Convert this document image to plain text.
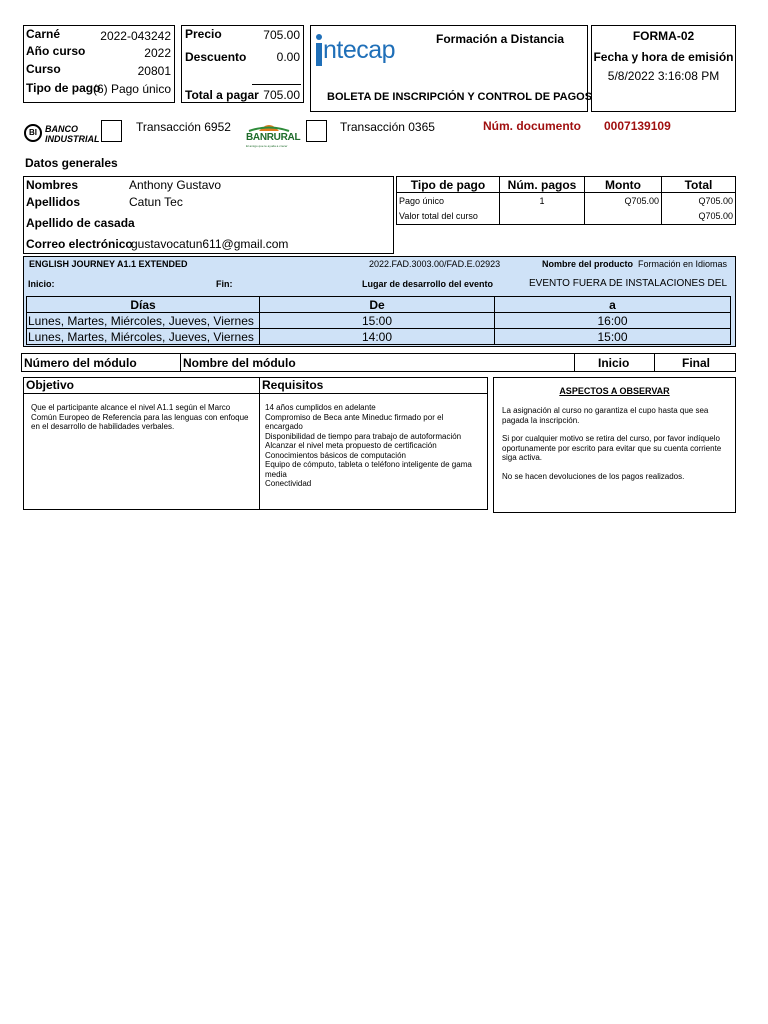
Carné	2022-043242
Año curso	2022
Curso	20801
Tipo de pago
(6) Pago único
Precio	705.00
Descuento	0.00
Total a pagar 705.00
ntecap	Formación a Distancia
BOLETA DE INSCRIPCIÓN Y CONTROL DE PAGOS
FORMA-02
Fecha y hora de emisión
5/8/2022 3:16:08 PM
BI BANCO
INDUSTRIAL
Transacción 6952
BANRURAL
El amigo que te ayuda a crecer
Transacción 0365	Núm. documento 0007139109
Datos generales
Nombres	Anthony Gustavo
Apellidos	Catun Tec
Apellido de casada
Correo electrónico
gustavocatun611@gmail.com
Tipo de pago	Núm. pagos	Monto	Total
Pago único	1	Q705.00	Q705.00
Valor total del curso			Q705.00
ENGLISH JOURNEY A1.1 EXTENDED	2022.FAD.3003.00/FAD.E.02923	Nombre del producto Formación en Idiomas
Inicio:	Fin:	Lugar de desarrollo del evento	EVENTO FUERA DE INSTALACIONES DEL
Días	De	a
Lunes, Martes, Miércoles, Jueves, Viernes	15:00	16:00
Lunes, Martes, Miércoles, Jueves, Viernes	14:00	15:00
Número del módulo	Nombre del módulo	Inicio	Final
Objetivo	Requisitos
Que el participante alcance el nivel A1.1 según el Marco Común Europeo de Referencia para las lenguas con enfoque en el desarrollo de habilidades verbales.
14 años cumplidos en adelante
Compromiso de Beca ante Mineduc firmado por el encargado
Disponibilidad de tiempo para trabajo de autoformación
Alcanzar el nivel meta propuesto de certificación
Conocimientos básicos de computación
Equipo de cómputo, tableta o teléfono inteligente de gama media
Conectividad
ASPECTOS A OBSERVAR
La asignación al curso no garantiza el cupo hasta que sea pagada la inscripción.
Si por cualquier motivo se retira del curso, por favor indíquelo oportunamente por escrito para evitar que su cuenta corriente siga activa.
No se hacen devoluciones de los pagos realizados.
